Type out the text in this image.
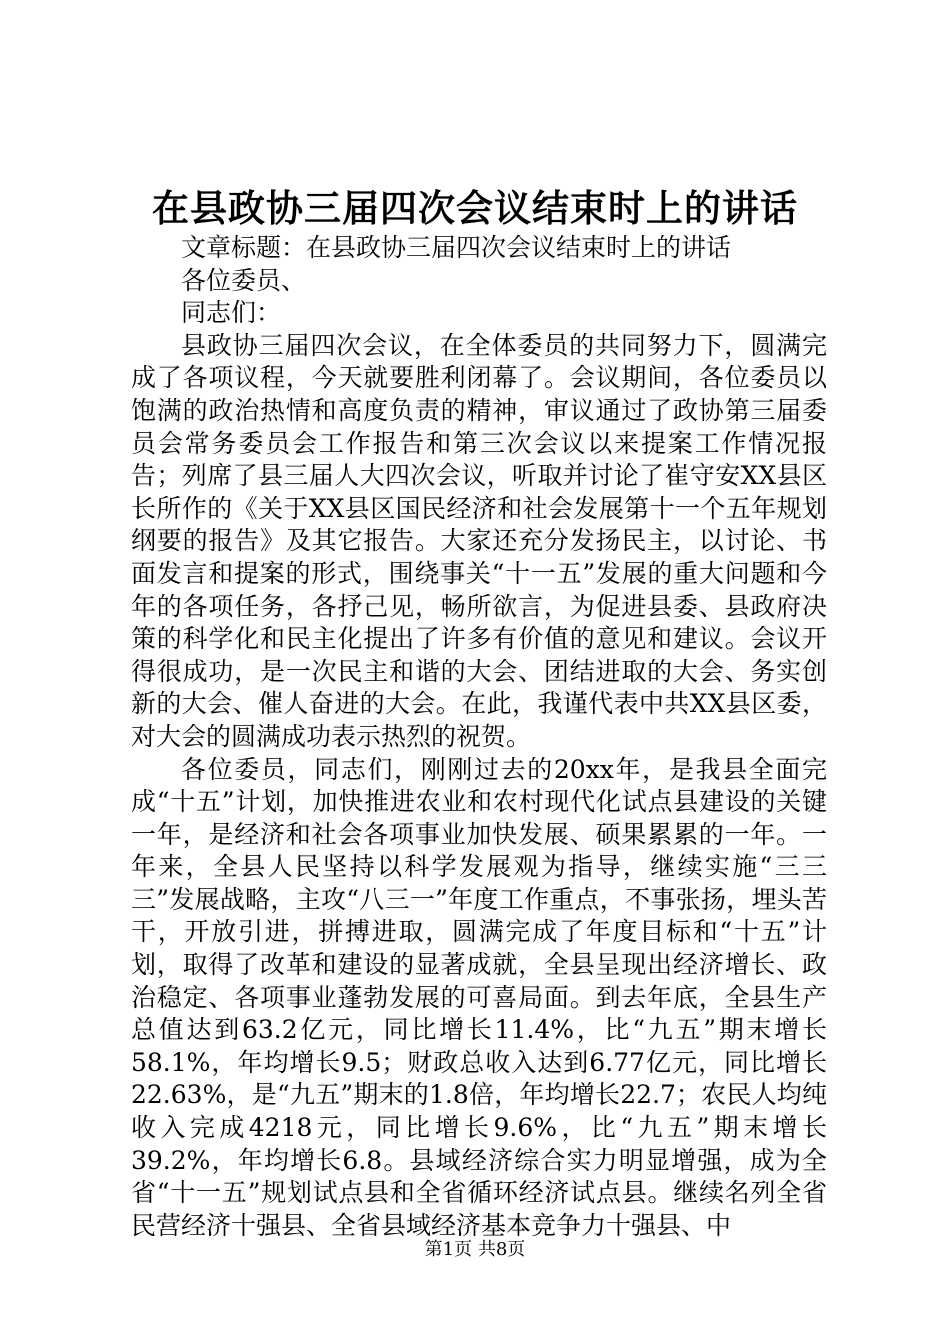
在县政协三届四次会议结束时上的讲话

文章标题：在县政协三届四次会议结束时上的讲话

各位委员、

同志们：

县政协三届四次会议，在全体委员的共同努力下，圆满完成了各项议程，今天就要胜利闭幕了。会议期间，各位委员以饱满的政治热情和高度负责的精神，审议通过了政协第三届委员会常务委员会工作报告和第三次会议以来提案工作情况报告；列席了县三届人大四次会议，听取并讨论了崔守安XX县区长所作的《关于XX县区国民经济和社会发展第十一个五年规划纲要的报告》及其它报告。大家还充分发扬民主，以讨论、书面发言和提案的形式，围绕事关“十一五”发展的重大问题和今年的各项任务，各抒己见，畅所欲言，为促进县委、县政府决策的科学化和民主化提出了许多有价值的意见和建议。会议开得很成功，是一次民主和谐的大会、团结进取的大会、务实创新的大会、催人奋进的大会。在此，我谨代表中共XX县区委，对大会的圆满成功表示热烈的祝贺。

各位委员，同志们，刚刚过去的20xx年，是我县全面完成“十五”计划，加快推进农业和农村现代化试点县建设的关键一年，是经济和社会各项事业加快发展、硕果累累的一年。一年来，全县人民坚持以科学发展观为指导，继续实施“三三三”发展战略，主攻“八三一”年度工作重点，不事张扬，埋头苦干，开放引进，拼搏进取，圆满完成了年度目标和“十五”计划，取得了改革和建设的显著成就，全县呈现出经济增长、政治稳定、各项事业蓬勃发展的可喜局面。到去年底，全县生产总值达到63.2亿元，同比增长11.4%，比“九五”期末增长58.1%，年均增长9.5；财政总收入达到6.77亿元，同比增长22.63%，是“九五”期末的1.8倍，年均增长22.7；农民人均纯收入完成4218元，同比增长9.6%，比“九五”期末增长39.2%，年均增长6.8。县域经济综合实力明显增强，成为全省“十一五”规划试点县和全省循环经济试点县。继续名列全省民营经济十强县、全省县域经济基本竞争力十强县、中

第1页 共8页
